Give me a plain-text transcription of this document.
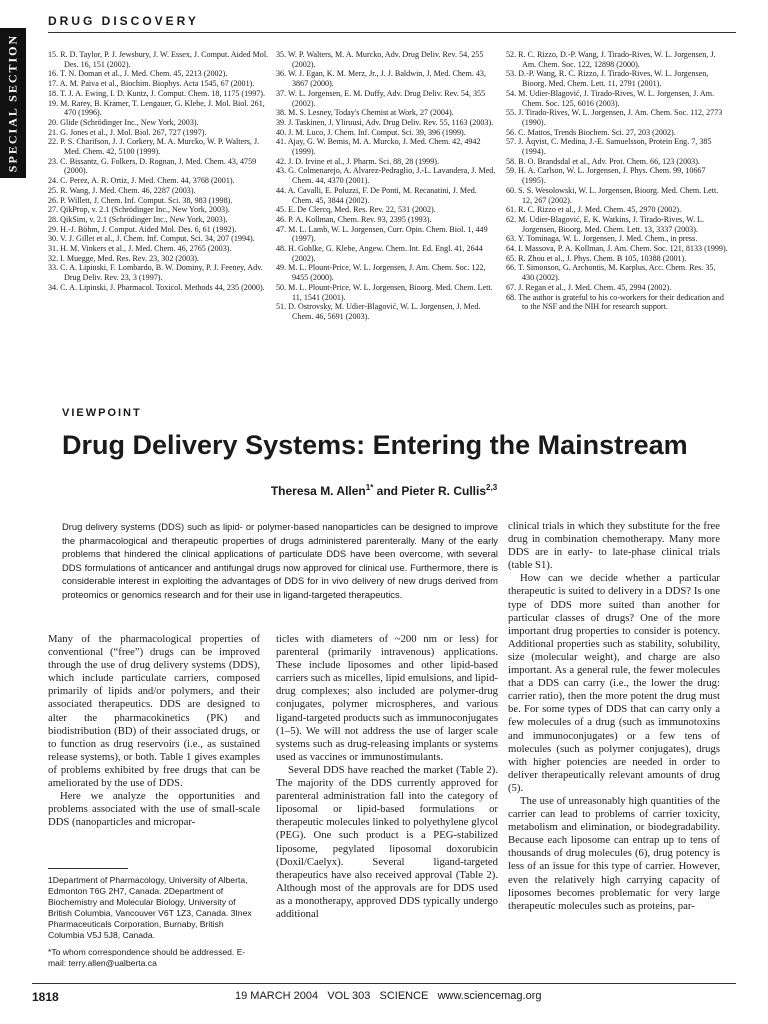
SPECIAL SECTION
DRUG DISCOVERY
15. R. D. Taylor, P. J. Jewsbury, J. W. Essex, J. Comput. Aided Mol. Des. 16, 151 (2002).
16. T. N. Doman et al., J. Med. Chem. 45, 2213 (2002).
17. A. M. Paiva et al., Biochim. Biophys. Acta 1545, 67 (2001).
18. T. J. A. Ewing, I. D. Kuntz, J. Comput. Chem. 18, 1175 (1997).
19. M. Rarey, B. Kramer, T. Lengauer, G. Klebe, J. Mol. Biol. 261, 470 (1996).
20. Glide (Schrödinger Inc., New York, 2003).
21. G. Jones et al., J. Mol. Biol. 267, 727 (1997).
22. P. S. Charifson, J. J. Corkery, M. A. Murcko, W. P. Walters, J. Med. Chem. 42, 5100 (1999).
23. C. Bissantz, G. Folkers, D. Rognan, J. Med. Chem. 43, 4759 (2000).
24. C. Perez, A. R. Ortiz, J. Med. Chem. 44, 3768 (2001).
25. R. Wang, J. Med. Chem. 46, 2287 (2003).
26. P. Willett, J. Chem. Inf. Comput. Sci. 38, 983 (1998).
27. QikProp, v. 2.1 (Schrödinger Inc., New York, 2003).
28. QikSim, v. 2.1 (Schrödinger Inc., New York, 2003).
29. H.-J. Böhm, J. Comput. Aided Mol. Des. 6, 61 (1992).
30. V. J. Gillet et al., J. Chem. Inf. Comput. Sci. 34, 207 (1994).
31. H. M. Vinkers et al., J. Med. Chem. 46, 2765 (2003).
32. I. Muegge, Med. Res. Rev. 23, 302 (2003).
33. C. A. Lipinski, F. Lombardo, B. W. Dominy, P. J. Feeney, Adv. Drug Deliv. Rev. 23, 3 (1997).
34. C. A. Lipinski, J. Pharmacol. Toxicol. Methods 44, 235 (2000).
35. W. P. Walters, M. A. Murcko, Adv. Drug Deliv. Rev. 54, 255 (2002).
36. W. J. Egan, K. M. Merz, Jr., J. J. Baldwin, J. Med. Chem. 43, 3867 (2000).
37. W. L. Jorgensen, E. M. Duffy, Adv. Drug Deliv. Rev. 54, 355 (2002).
38. M. S. Lesney, Today's Chemist at Work, 27 (2004).
39. J. Taskinen, J. Yliruusi, Adv. Drug Deliv. Rev. 55, 1163 (2003).
40. J. M. Luco, J. Chem. Inf. Comput. Sci. 39, 396 (1999).
41. Ajay, G. W. Bemis, M. A. Murcko, J. Med. Chem. 42, 4942 (1999).
42. J. D. Irvine et al., J. Pharm. Sci. 88, 28 (1999).
43. G. Colmenarejo, A. Alvarez-Pedraglio, J.-L. Lavandera, J. Med. Chem. 44, 4370 (2001).
44. A. Cavalli, E. Poluzzi, F. De Ponti, M. Recanatini, J. Med. Chem. 45, 3844 (2002).
45. E. De Clercq, Med. Res. Rev. 22, 531 (2002).
46. P. A. Kollman, Chem. Rev. 93, 2395 (1993).
47. M. L. Lamb, W. L. Jorgensen, Curr. Opin. Chem. Biol. 1, 449 (1997).
48. H. Gohlke, G. Klebe, Angew. Chem. Int. Ed. Engl. 41, 2644 (2002).
49. M. L. Plount-Price, W. L. Jorgensen, J. Am. Chem. Soc. 122, 9455 (2000).
50. M. L. Plount-Price, W. L. Jorgensen, Bioorg. Med. Chem. Lett. 11, 1541 (2001).
51. D. Ostrovsky, M. Udier-Blagović, W. L. Jorgensen, J. Med. Chem. 46, 5691 (2003).
52. R. C. Rizzo, D.-P. Wang, J. Tirado-Rives, W. L. Jorgensen, J. Am. Chem. Soc. 122, 12898 (2000).
53. D.-P. Wang, R. C. Rizzo, J. Tirado-Rives, W. L. Jorgensen, Bioorg. Med. Chem. Lett. 11, 2791 (2001).
54. M. Udier-Blagović, J. Tirado-Rives, W. L. Jorgensen, J. Am. Chem. Soc. 125, 6016 (2003).
55. J. Tirado-Rives, W. L. Jorgensen, J. Am. Chem. Soc. 112, 2773 (1990).
56. C. Mattos, Trends Biochem. Sci. 27, 203 (2002).
57. J. Åqvist, C. Medina, J.-E. Samuelsson, Protein Eng. 7, 385 (1994).
58. B. O. Brandsdal et al., Adv. Prot. Chem. 66, 123 (2003).
59. H. A. Carlson, W. L. Jorgensen, J. Phys. Chem. 99, 10667 (1995).
60. S. S. Wesolowski, W. L. Jorgensen, Bioorg. Med. Chem. Lett. 12, 267 (2002).
61. R. C. Rizzo et al., J. Med. Chem. 45, 2970 (2002).
62. M. Udier-Blagović, E. K. Watkins, J. Tirado-Rives, W. L. Jorgensen, Bioorg. Med. Chem. Lett. 13, 3337 (2003).
63. Y. Tominaga, W. L. Jorgensen, J. Med. Chem., in press.
64. I. Massova, P. A. Kollman, J. Am. Chem. Soc. 121, 8133 (1999).
65. R. Zhou et al., J. Phys. Chem. B 105, 10388 (2001).
66. T. Simonson, G. Archontis, M. Karplus, Acc. Chem. Res. 35, 430 (2002).
67. J. Regan et al., J. Med. Chem. 45, 2994 (2002).
68. The author is grateful to his co-workers for their dedication and to the NSF and the NIH for research support.
VIEWPOINT
Drug Delivery Systems: Entering the Mainstream
Theresa M. Allen$^{1*}$ and Pieter R. Cullis$^{2,3}$

Drug delivery systems (DDS) such as lipid- or polymer-based nanoparticles can be designed to improve the pharmacological and therapeutic properties of drugs administered parenterally. Many of the early problems that hindered the clinical applications of particulate DDS have been overcome, with several DDS formulations of anticancer and antifungal drugs now approved for clinical use. Furthermore, there is considerable interest in exploiting the advantages of DDS for in vivo delivery of new drugs derived from proteomics or genomics research and for their use in ligand-targeted therapeutics.

Many of the pharmacological properties of conventional (“free”) drugs can be improved through the use of drug delivery systems (DDS), which include particulate carriers, composed primarily of lipids and/or polymers, and their associated therapeutics. DDS are designed to alter the pharmacokinetics (PK) and biodistribution (BD) of their associated drugs, or to function as drug reservoirs (i.e., as sustained release systems), or both. Table 1 gives examples of problems exhibited by free drugs that can be ameliorated by the use of DDS.

Here we analyze the opportunities and problems associated with the use of small-scale DDS (nanoparticles and micropar-

ticles with diameters of ~200 nm or less) for parenteral (primarily intravenous) applications. These include liposomes and other lipid-based carriers such as micelles, lipid emulsions, and lipid-drug complexes; also included are polymer-drug conjugates, polymer microspheres, and various ligand-targeted products such as immunoconjugates (1–5). We will not address the use of larger scale systems such as drug-releasing implants or systems used as vaccines or immunostimulants.

Several DDS have reached the market (Table 2). The majority of the DDS currently approved for parenteral administration fall into the category of liposomal or lipid-based formulations or therapeutic molecules linked to polyethylene glycol (PEG). One such product is a PEG-stabilized liposome, pegylated liposomal doxorubicin (Doxil/Caelyx). Several ligand-targeted therapeutics have also received approval (Table 2). Although most of the approvals are for DDS used as a monotherapy, approved DDS typically undergo additional

clinical trials in which they substitute for the free drug in combination chemotherapy. Many more DDS are in early- to late-phase clinical trials (table S1).

How can we decide whether a particular therapeutic is suited to delivery in a DDS? Is one type of DDS more suited than another for particular classes of drugs? One of the more important drug properties to consider is potency. Additional properties such as stability, solubility, size (molecular weight), and charge are also important. As a general rule, the fewer molecules that a DDS can carry (i.e., the lower the drug: carrier ratio), then the more potent the drug must be. For some types of DDS that can carry only a few molecules of a drug (such as immunotoxins and immunoconjugates) or a few tens of molecules (such as polymer conjugates), drugs with higher potencies are needed in order to deliver therapeutically relevant amounts of drug (5).

The use of unreasonably high quantities of the carrier can lead to problems of carrier toxicity, metabolism and elimination, or biodegradability. Because each liposome can entrap up to tens of thousands of drug molecules (6), drug potency is less of an issue for this type of carrier. However, even the relatively high carrying capacity of liposomes becomes problematic for very large therapeutic molecules such as proteins, par-

1Department of Pharmacology, University of Alberta, Edmonton T6G 2H7, Canada. 2Department of Biochemistry and Molecular Biology, University of British Columbia, Vancouver V6T 1Z3, Canada. 3Inex Pharmaceuticals Corporation, Burnaby, British Columbia V5J 5J8, Canada.

*To whom correspondence should be addressed. E-mail: terry.allen@ualberta.ca

1818	19 MARCH 2004   VOL 303   SCIENCE   www.sciencemag.org
